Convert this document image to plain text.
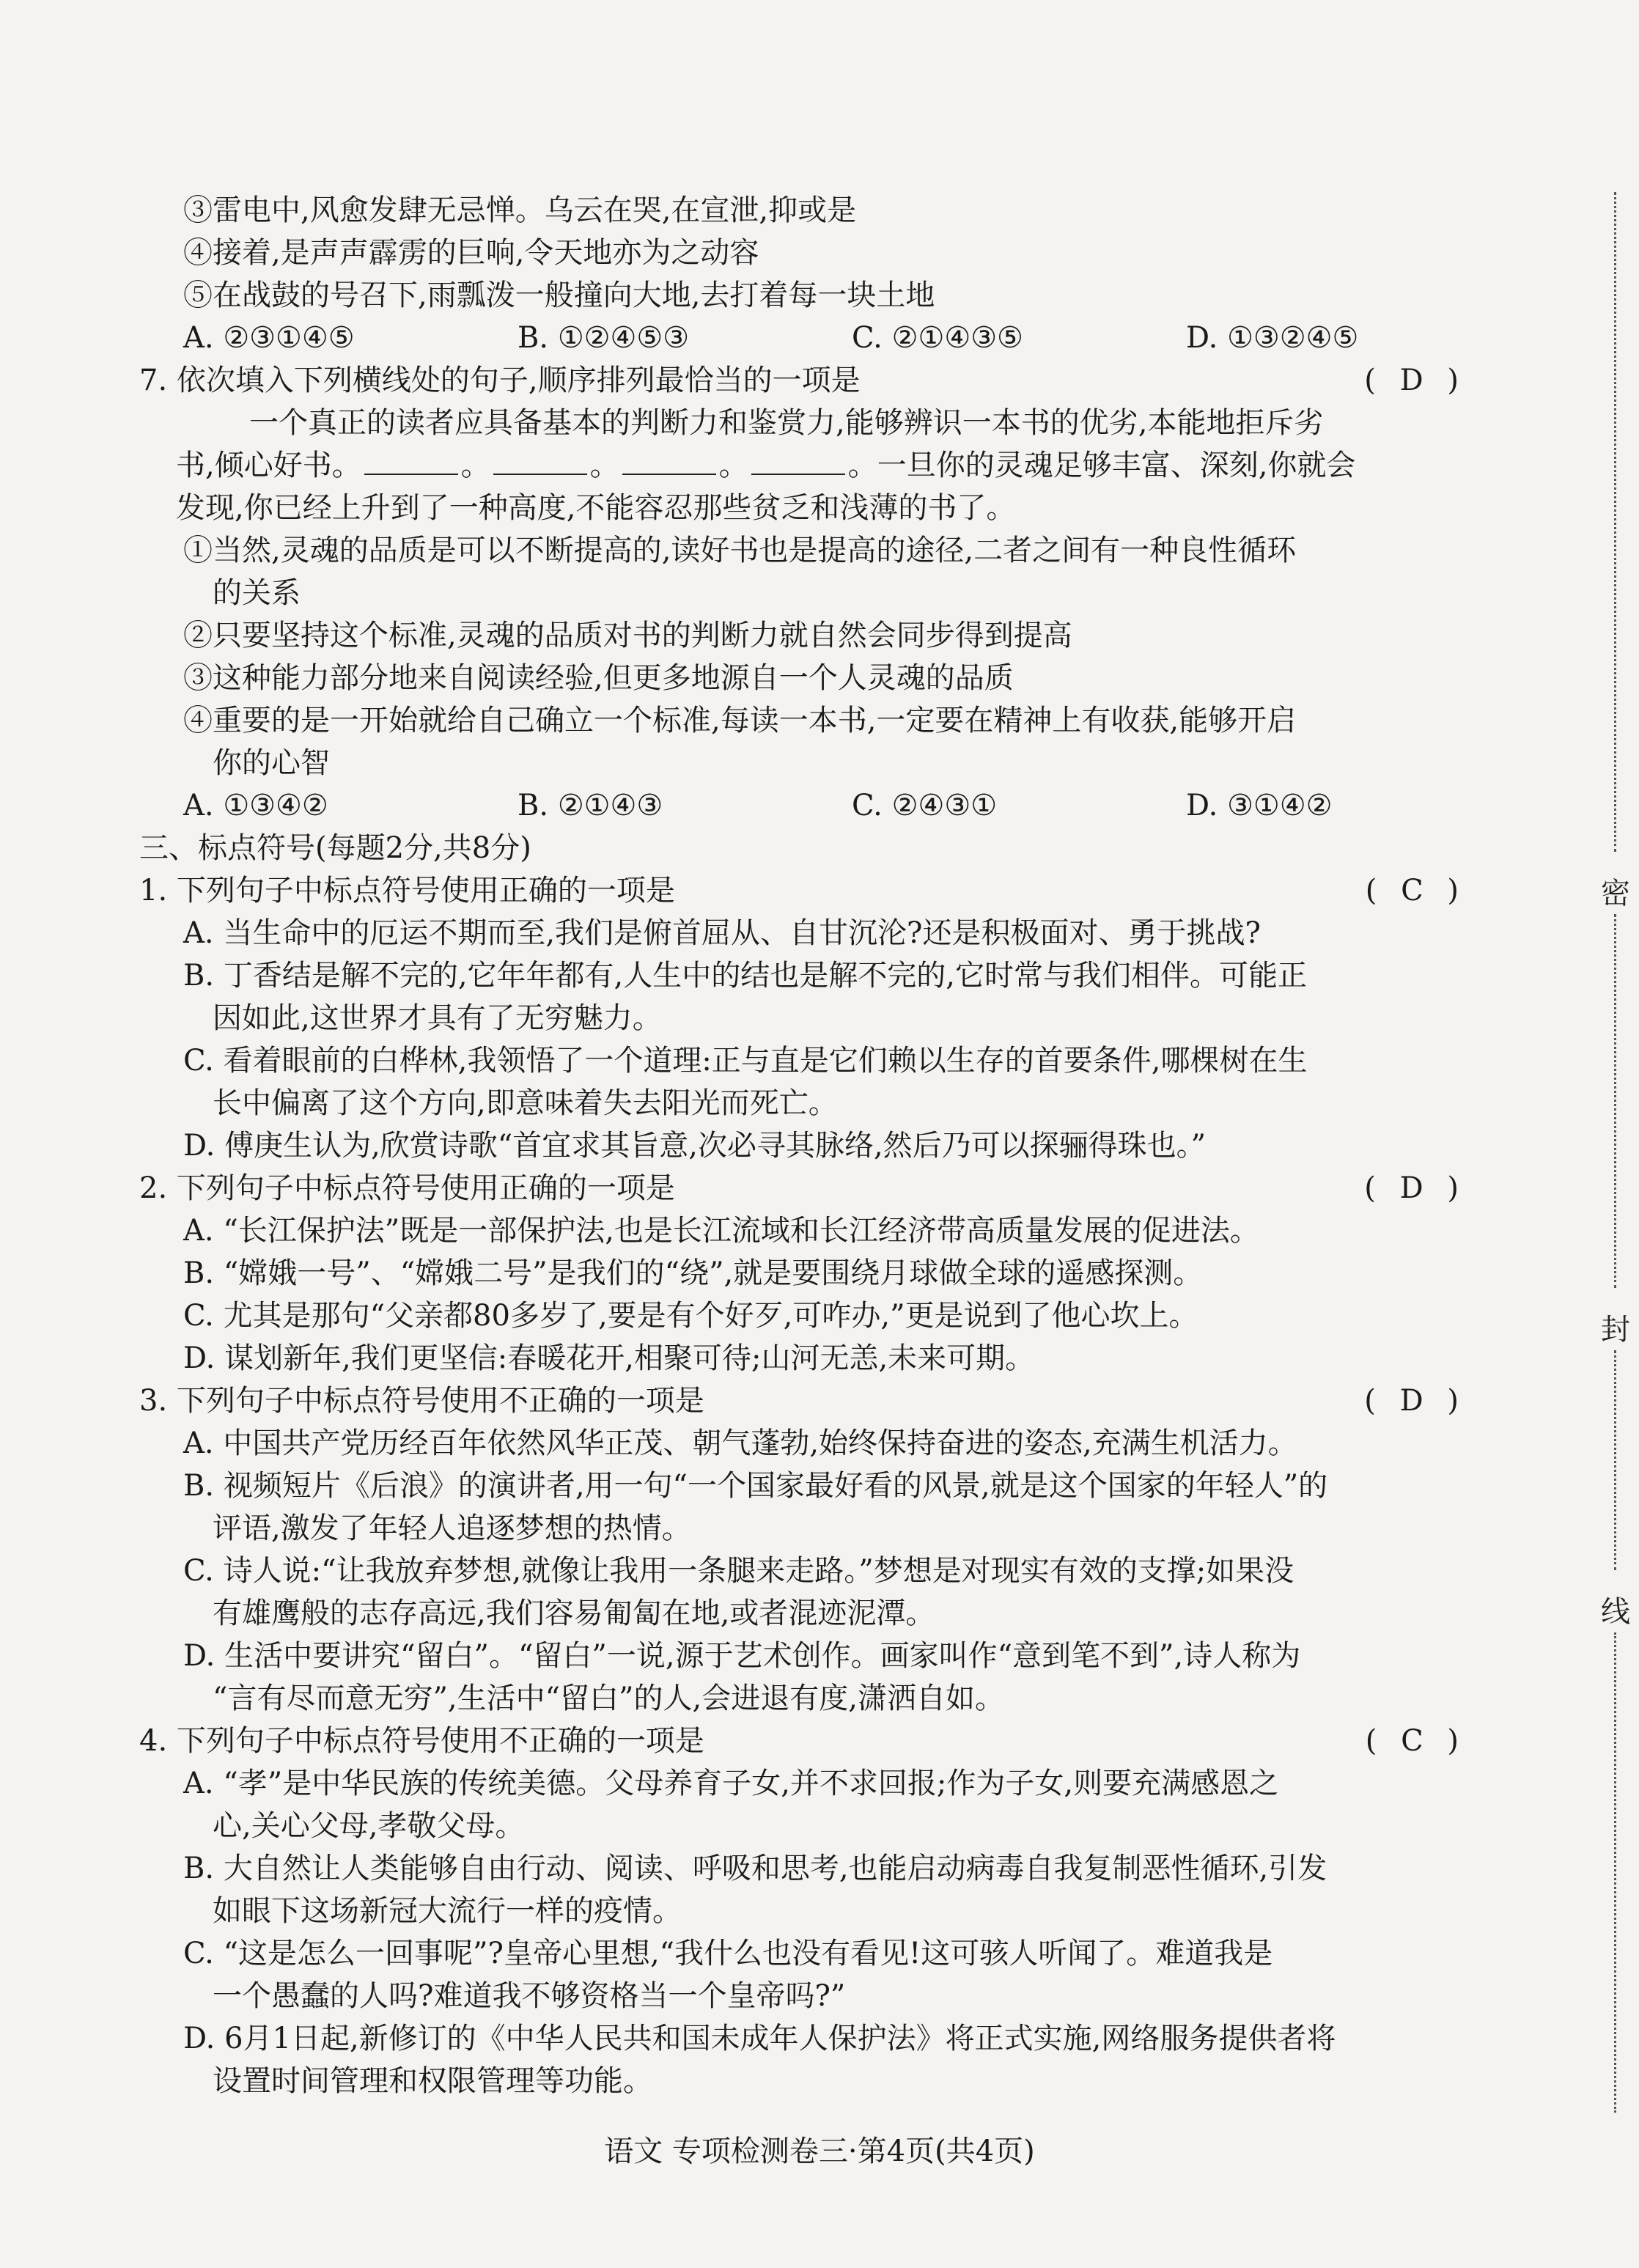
③雷电中,风愈发肆无忌惮。乌云在哭,在宣泄,抑或是
④接着,是声声霹雳的巨响,令天地亦为之动容
⑤在战鼓的号召下,雨瓢泼一般撞向大地,去打着每一块土地
A. ②③①④⑤	B. ①②④⑤③	C. ②①④③⑤	D. ①③②④⑤
7. 依次填入下列横线处的句子,顺序排列最恰当的一项是	( D )
一个真正的读者应具备基本的判断力和鉴赏力,能够辨识一本书的优劣,本能地拒斥劣
书,倾心好书。	。	。	。	。一旦你的灵魂足够丰富、深刻,你就会
发现,你已经上升到了一种高度,不能容忍那些贫乏和浅薄的书了。
①当然,灵魂的品质是可以不断提高的,读好书也是提高的途径,二者之间有一种良性循环
的关系
②只要坚持这个标准,灵魂的品质对书的判断力就自然会同步得到提高
③这种能力部分地来自阅读经验,但更多地源自一个人灵魂的品质
④重要的是一开始就给自己确立一个标准,每读一本书,一定要在精神上有收获,能够开启
你的心智
A. ①③④②	B. ②①④③	C. ②④③①	D. ③①④②
三、标点符号(每题2分,共8分)
1. 下列句子中标点符号使用正确的一项是	( C )
A. 当生命中的厄运不期而至,我们是俯首屈从、自甘沉沦?还是积极面对、勇于挑战?
B. 丁香结是解不完的,它年年都有,人生中的结也是解不完的,它时常与我们相伴。可能正
因如此,这世界才具有了无穷魅力。
C. 看着眼前的白桦林,我领悟了一个道理:正与直是它们赖以生存的首要条件,哪棵树在生
长中偏离了这个方向,即意味着失去阳光而死亡。
D. 傅庚生认为,欣赏诗歌“首宜求其旨意,次必寻其脉络,然后乃可以探骊得珠也。”
2. 下列句子中标点符号使用正确的一项是	( D )
A. “长江保护法”既是一部保护法,也是长江流域和长江经济带高质量发展的促进法。
B. “嫦娥一号”、“嫦娥二号”是我们的“绕”,就是要围绕月球做全球的遥感探测。
C. 尤其是那句“父亲都80多岁了,要是有个好歹,可咋办,”更是说到了他心坎上。
D. 谋划新年,我们更坚信:春暖花开,相聚可待;山河无恙,未来可期。
3. 下列句子中标点符号使用不正确的一项是	( D )
A. 中国共产党历经百年依然风华正茂、朝气蓬勃,始终保持奋进的姿态,充满生机活力。
B. 视频短片《后浪》的演讲者,用一句“一个国家最好看的风景,就是这个国家的年轻人”的
评语,激发了年轻人追逐梦想的热情。
C. 诗人说:“让我放弃梦想,就像让我用一条腿来走路。”梦想是对现实有效的支撑;如果没
有雄鹰般的志存高远,我们容易匍匐在地,或者混迹泥潭。
D. 生活中要讲究“留白”。“留白”一说,源于艺术创作。画家叫作“意到笔不到”,诗人称为
“言有尽而意无穷”,生活中“留白”的人,会进退有度,潇洒自如。
4. 下列句子中标点符号使用不正确的一项是	( C )
A. “孝”是中华民族的传统美德。父母养育子女,并不求回报;作为子女,则要充满感恩之
心,关心父母,孝敬父母。
B. 大自然让人类能够自由行动、阅读、呼吸和思考,也能启动病毒自我复制恶性循环,引发
如眼下这场新冠大流行一样的疫情。
C. “这是怎么一回事呢”?皇帝心里想,“我什么也没有看见!这可骇人听闻了。难道我是
一个愚蠢的人吗?难道我不够资格当一个皇帝吗?”
D. 6月1日起,新修订的《中华人民共和国未成年人保护法》将正式实施,网络服务提供者将
设置时间管理和权限管理等功能。
密
封
线
语文 专项检测卷三·第4页(共4页)
